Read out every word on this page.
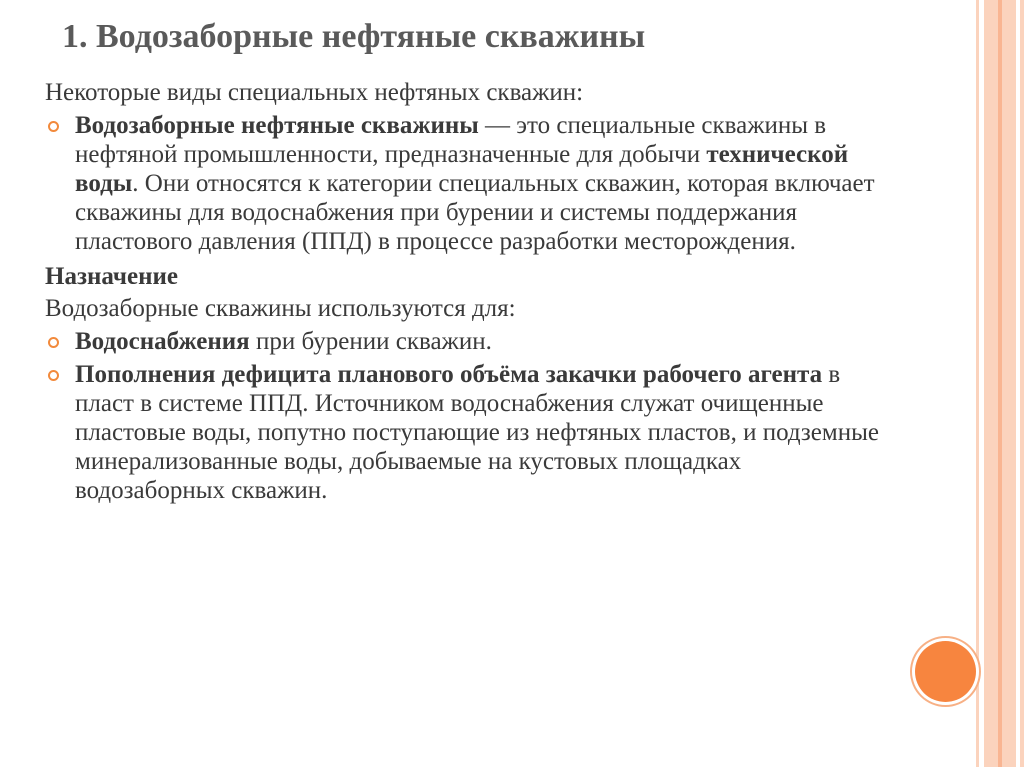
1. Водозаборные нефтяные скважины

Некоторые виды специальных нефтяных скважин:

Водозаборные нефтяные скважины — это специальные скважины в нефтяной промышленности, предназначенные для добычи технической воды. Они относятся к категории специальных скважин, которая включает скважины для водоснабжения при бурении и системы поддержания пластового давления (ППД) в процессе разработки месторождения.

Назначение

Водозаборные скважины используются для:

Водоснабжения при бурении скважин.

Пополнения дефицита планового объёма закачки рабочего агента в пласт в системе ППД. Источником водоснабжения служат очищенные пластовые воды, попутно поступающие из нефтяных пластов, и подземные минерализованные воды, добываемые на кустовых площадках водозаборных скважин.
